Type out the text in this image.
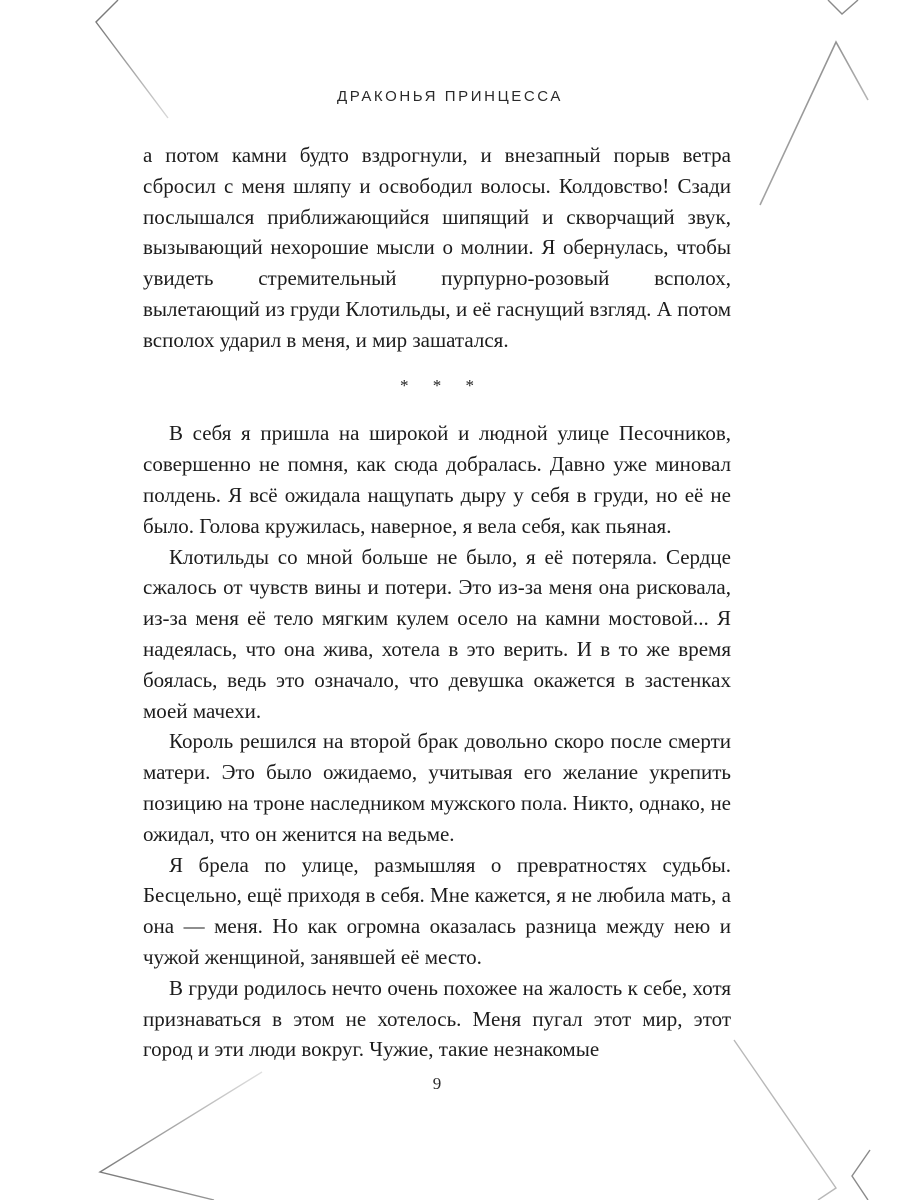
ДРАКОНЬЯ ПРИНЦЕССА

а потом камни будто вздрогнули, и внезапный порыв ветра сбросил с меня шляпу и освободил волосы. Колдовство! Сзади послышался приближающийся шипящий и скворчащий звук, вызывающий нехорошие мысли о молнии. Я обернулась, чтобы увидеть стремительный пурпурно-розовый всполох, вылетающий из груди Клотильды, и её гаснущий взгляд. А потом всполох ударил в меня, и мир зашатался.

* * *

В себя я пришла на широкой и людной улице Песочников, совершенно не помня, как сюда добралась. Давно уже миновал полдень. Я всё ожидала нащупать дыру у себя в груди, но её не было. Голова кружилась, наверное, я вела себя, как пьяная.

Клотильды со мной больше не было, я её потеряла. Сердце сжалось от чувств вины и потери. Это из-за меня она рисковала, из-за меня её тело мягким кулем осело на камни мостовой... Я надеялась, что она жива, хотела в это верить. И в то же время боялась, ведь это означало, что девушка окажется в застенках моей мачехи.

Король решился на второй брак довольно скоро после смерти матери. Это было ожидаемо, учитывая его желание укрепить позицию на троне наследником мужского пола. Никто, однако, не ожидал, что он женится на ведьме.

Я брела по улице, размышляя о превратностях судьбы. Бесцельно, ещё приходя в себя. Мне кажется, я не любила мать, а она — меня. Но как огромна оказалась разница между нею и чужой женщиной, занявшей её место.

В груди родилось нечто очень похожее на жалость к себе, хотя признаваться в этом не хотелось. Меня пугал этот мир, этот город и эти люди вокруг. Чужие, такие незнакомые

9
